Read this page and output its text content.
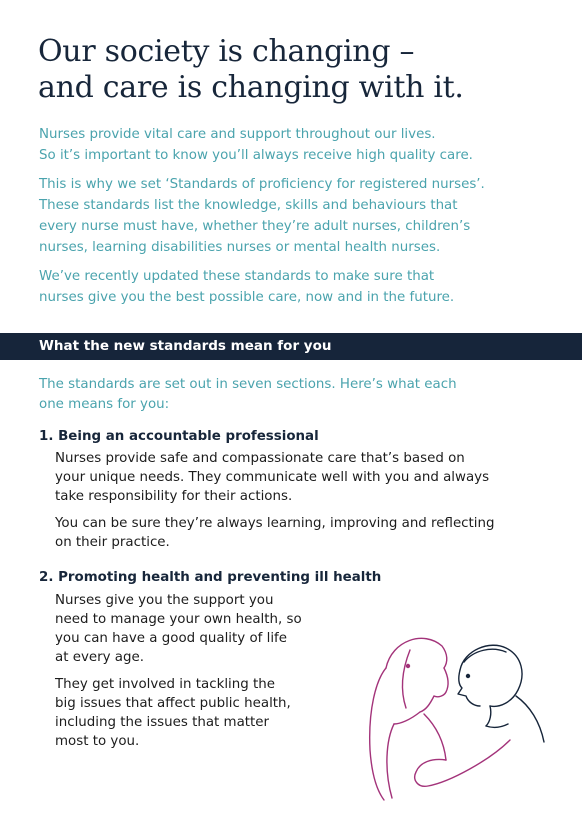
Our society is changing –
and care is changing with it.

Nurses provide vital care and support throughout our lives.
So it’s important to know you’ll always receive high quality care.

This is why we set ‘Standards of proficiency for registered nurses’.
These standards list the knowledge, skills and behaviours that
every nurse must have, whether they’re adult nurses, children’s
nurses, learning disabilities nurses or mental health nurses.

We’ve recently updated these standards to make sure that
nurses give you the best possible care, now and in the future.

What the new standards mean for you

The standards are set out in seven sections. Here’s what each
one means for you:

1. Being an accountable professional

Nurses provide safe and compassionate care that’s based on
your unique needs. They communicate well with you and always
take responsibility for their actions.

You can be sure they’re always learning, improving and reflecting
on their practice.

2. Promoting health and preventing ill health

Nurses give you the support you
need to manage your own health, so
you can have a good quality of life
at every age.

They get involved in tackling the
big issues that affect public health,
including the issues that matter
most to you.
